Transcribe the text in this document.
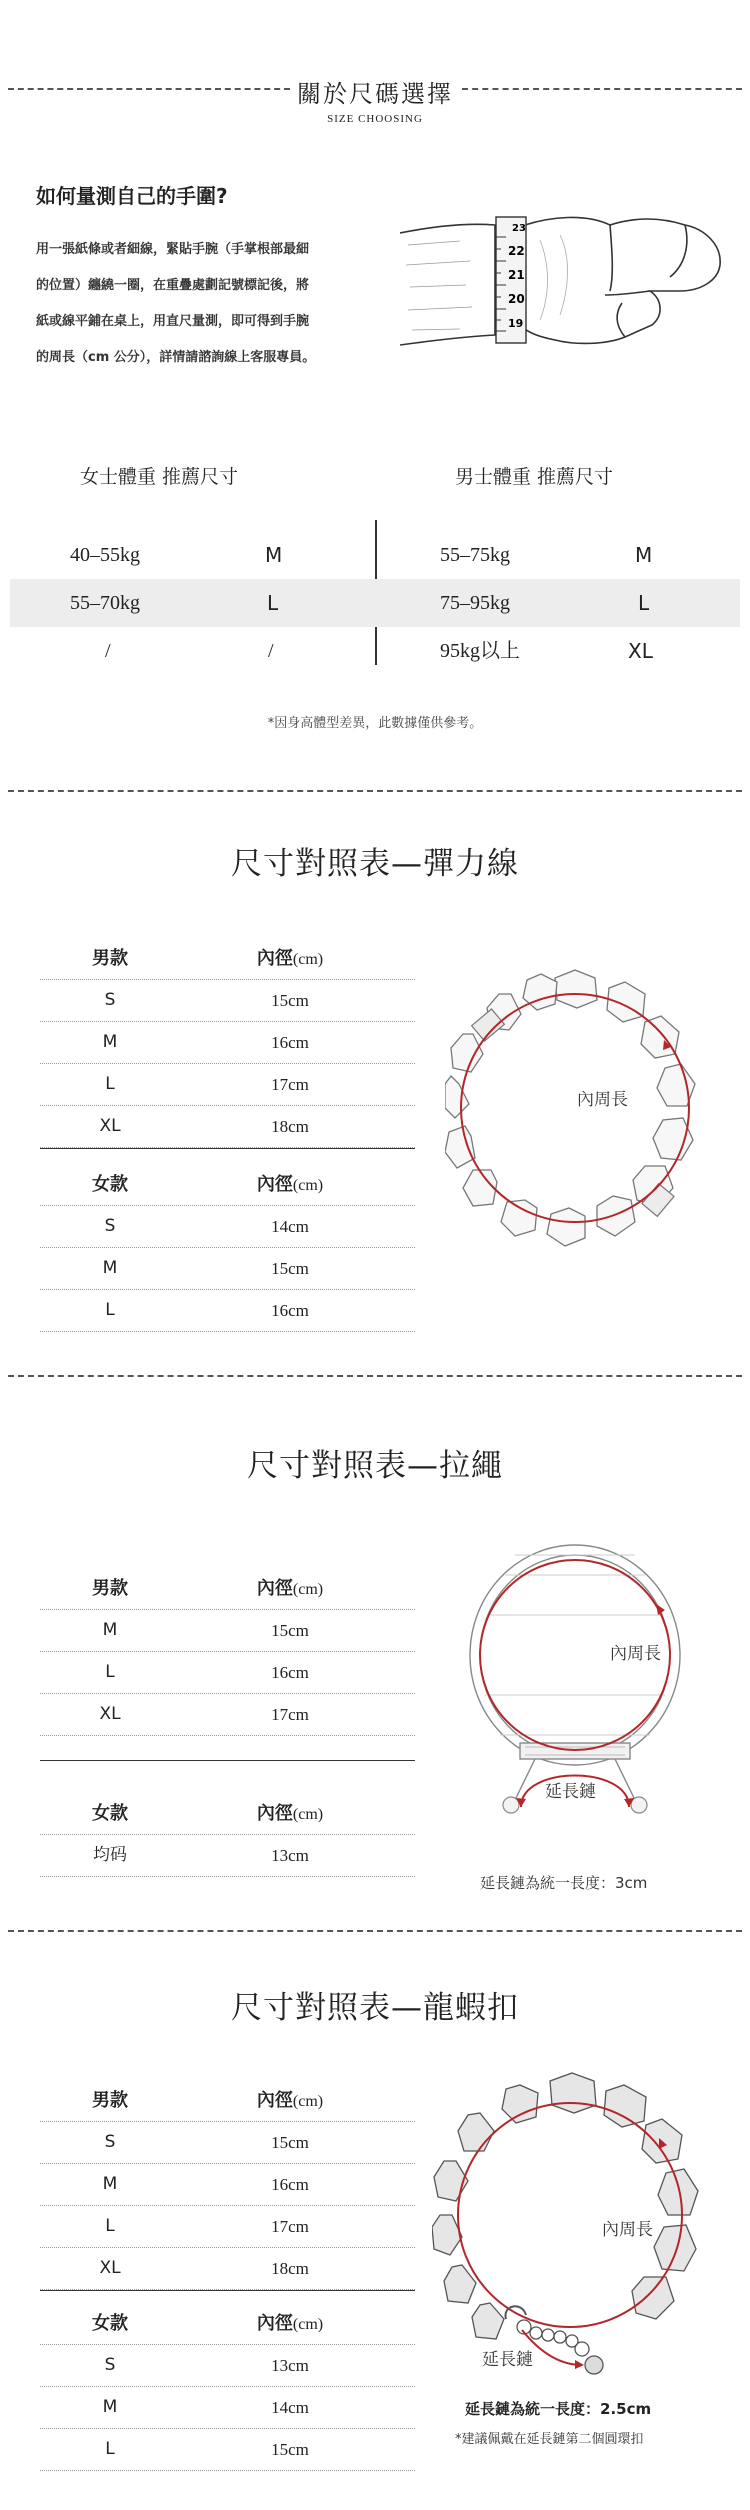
關於尺碼選擇
SIZE CHOOSING
如何量測自己的手圍?
用一張紙條或者細線，緊貼手腕（手掌根部最細
的位置）纏繞一圈，在重疊處劃記號標記後，將
紙或線平鋪在桌上，用直尺量測，即可得到手腕
的周長（cm 公分），詳情請諮詢線上客服專員。
23
22
21
20
19
女士體重 推薦尺寸	男士體重 推薦尺寸
40–55kg	M	55–75kg	M
55–70kg	L	75–95kg	L
/	/	95kg以上	XL
*因身高體型差異，此數據僅供參考。
尺寸對照表—彈力線
男款	內徑(cm)
S	15cm
M	16cm
L	17cm
XL	18cm
女款	內徑(cm)
S	14cm
M	15cm
L	16cm
內周長
尺寸對照表—拉繩
男款	內徑(cm)
M	15cm
L	16cm
XL	17cm
女款	內徑(cm)
均码	13cm
內周長
延長鏈
延長鏈為統一長度：3cm
尺寸對照表—龍蝦扣
男款	內徑(cm)
S	15cm
M	16cm
L	17cm
XL	18cm
女款	內徑(cm)
S	13cm
M	14cm
L	15cm
內周長
延長鏈
延長鏈為統一長度：2.5cm
*建議佩戴在延長鏈第二個圓環扣
